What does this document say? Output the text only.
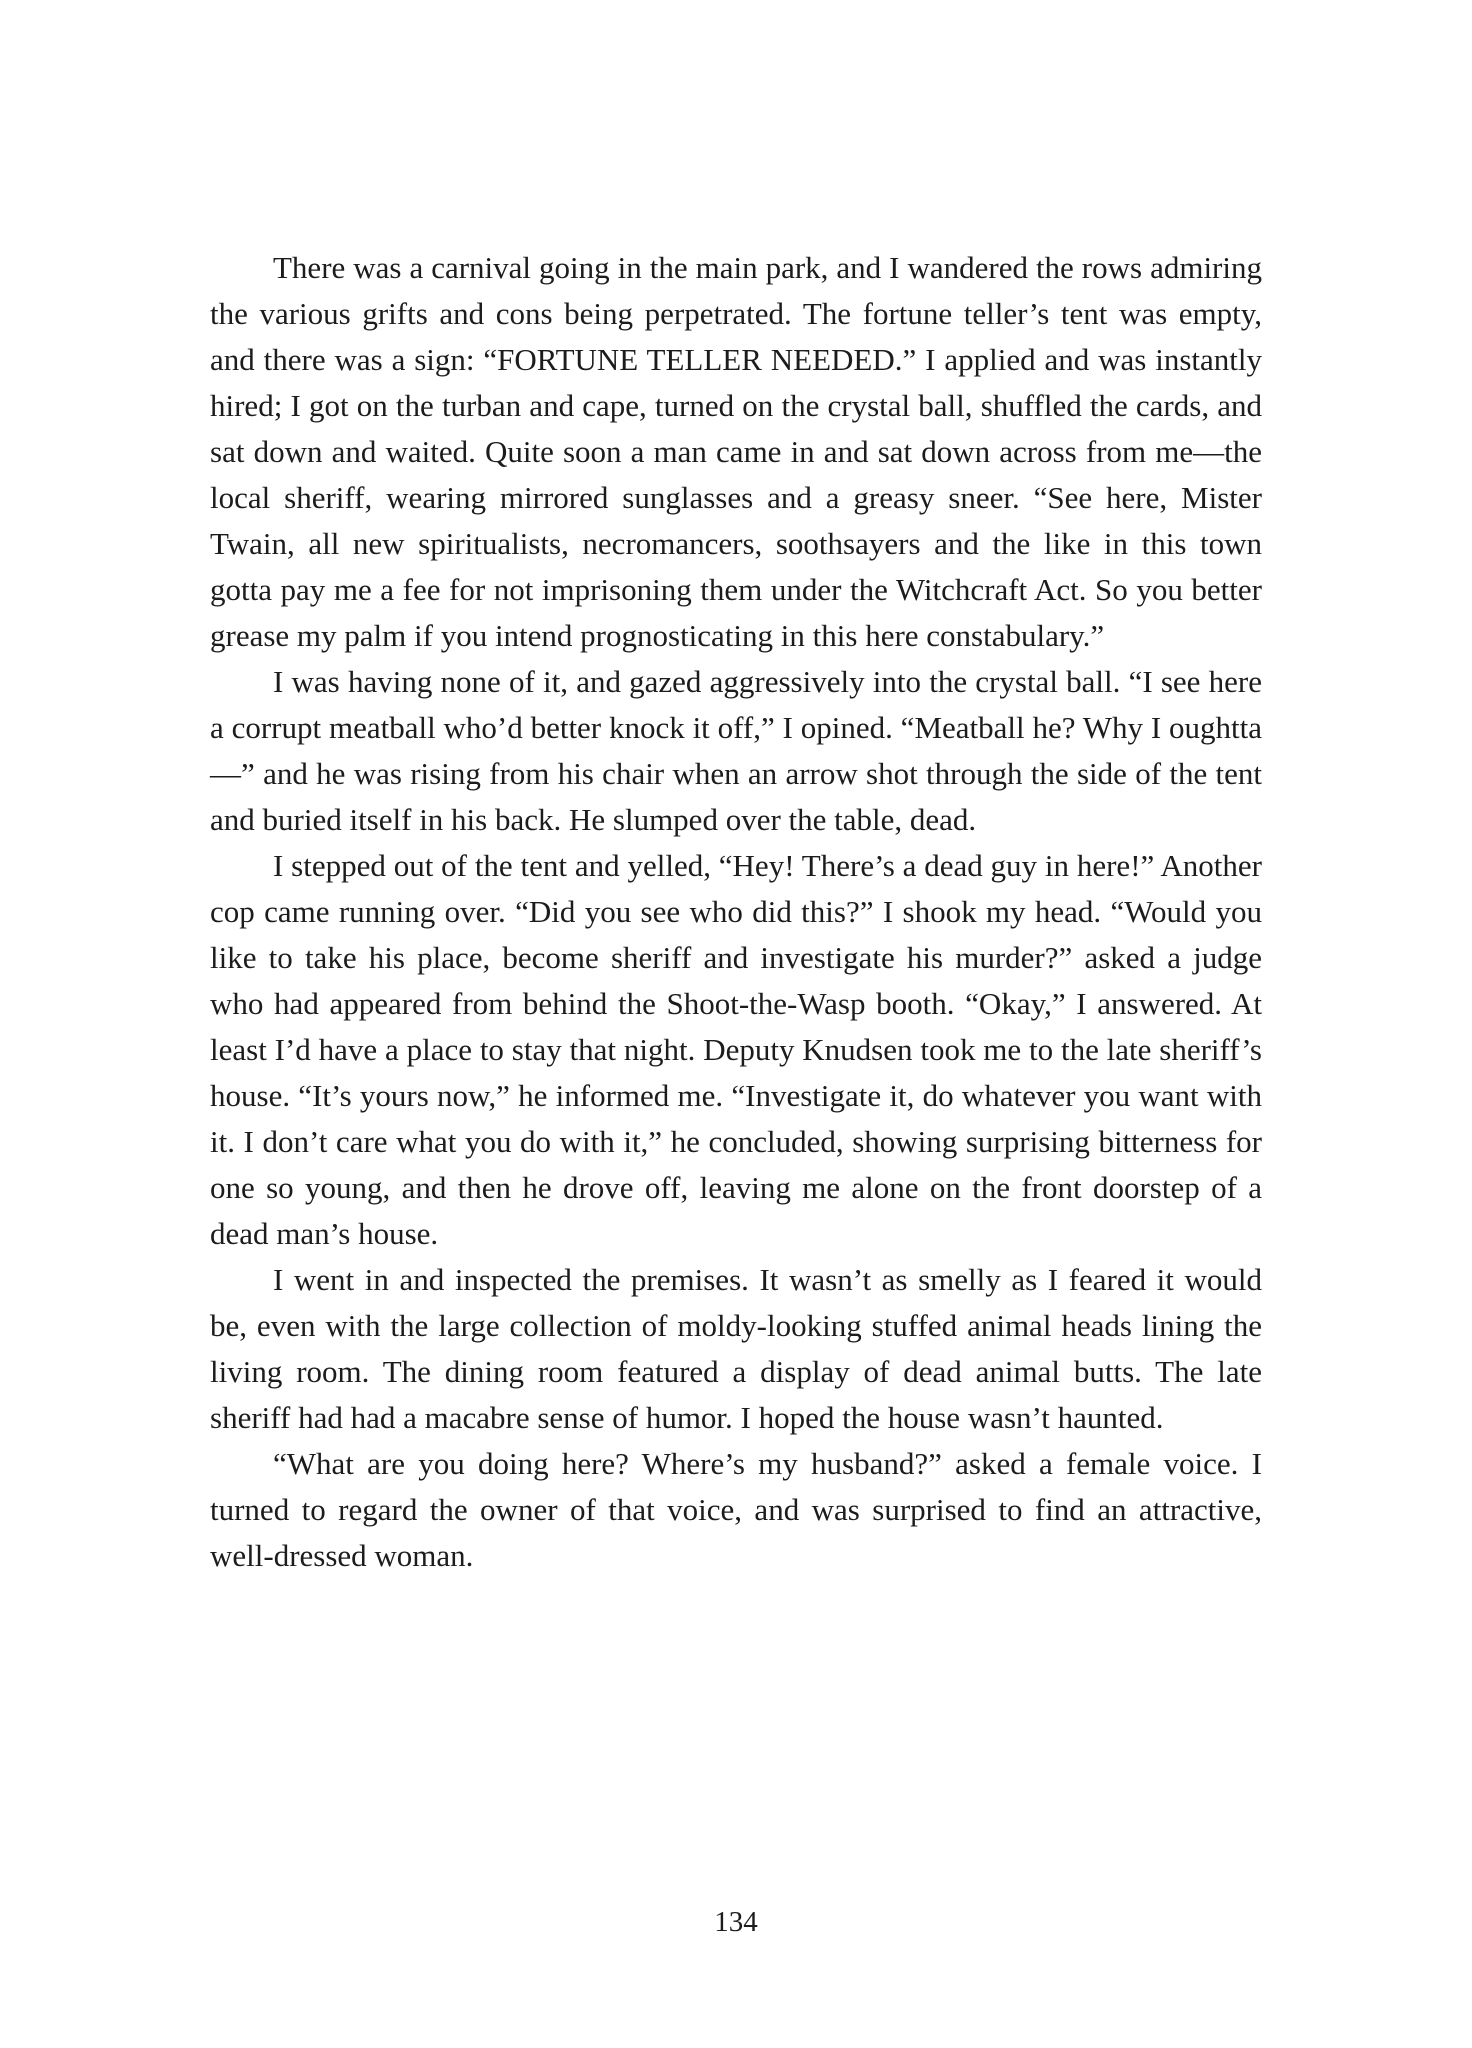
There was a carnival going in the main park, and I wandered the rows admiring the various grifts and cons being perpetrated. The fortune teller’s tent was empty, and there was a sign: “FORTUNE TELLER NEEDED.” I applied and was instantly hired; I got on the turban and cape, turned on the crystal ball, shuffled the cards, and sat down and waited. Quite soon a man came in and sat down across from me—the local sheriff, wearing mirrored sunglasses and a greasy sneer. “See here, Mister Twain, all new spiritualists, necromancers, soothsayers and the like in this town gotta pay me a fee for not imprisoning them under the Witchcraft Act. So you better grease my palm if you intend prognosticating in this here constabulary.”

I was having none of it, and gazed aggressively into the crystal ball. “I see here a corrupt meatball who’d better knock it off,” I opined. “Meatball he? Why I oughtta—” and he was rising from his chair when an arrow shot through the side of the tent and buried itself in his back. He slumped over the table, dead.

I stepped out of the tent and yelled, “Hey! There’s a dead guy in here!” Another cop came running over. “Did you see who did this?” I shook my head. “Would you like to take his place, become sheriff and investigate his murder?” asked a judge who had appeared from behind the Shoot-the-Wasp booth. “Okay,” I answered. At least I’d have a place to stay that night. Deputy Knudsen took me to the late sheriff’s house. “It’s yours now,” he informed me. “Investigate it, do whatever you want with it. I don’t care what you do with it,” he concluded, showing surprising bitterness for one so young, and then he drove off, leaving me alone on the front doorstep of a dead man’s house.

I went in and inspected the premises. It wasn’t as smelly as I feared it would be, even with the large collection of moldy-looking stuffed animal heads lining the living room. The dining room featured a display of dead animal butts. The late sheriff had had a macabre sense of humor. I hoped the house wasn’t haunted.

“What are you doing here? Where’s my husband?” asked a female voice. I turned to regard the owner of that voice, and was surprised to find an attractive, well-dressed woman.

134
